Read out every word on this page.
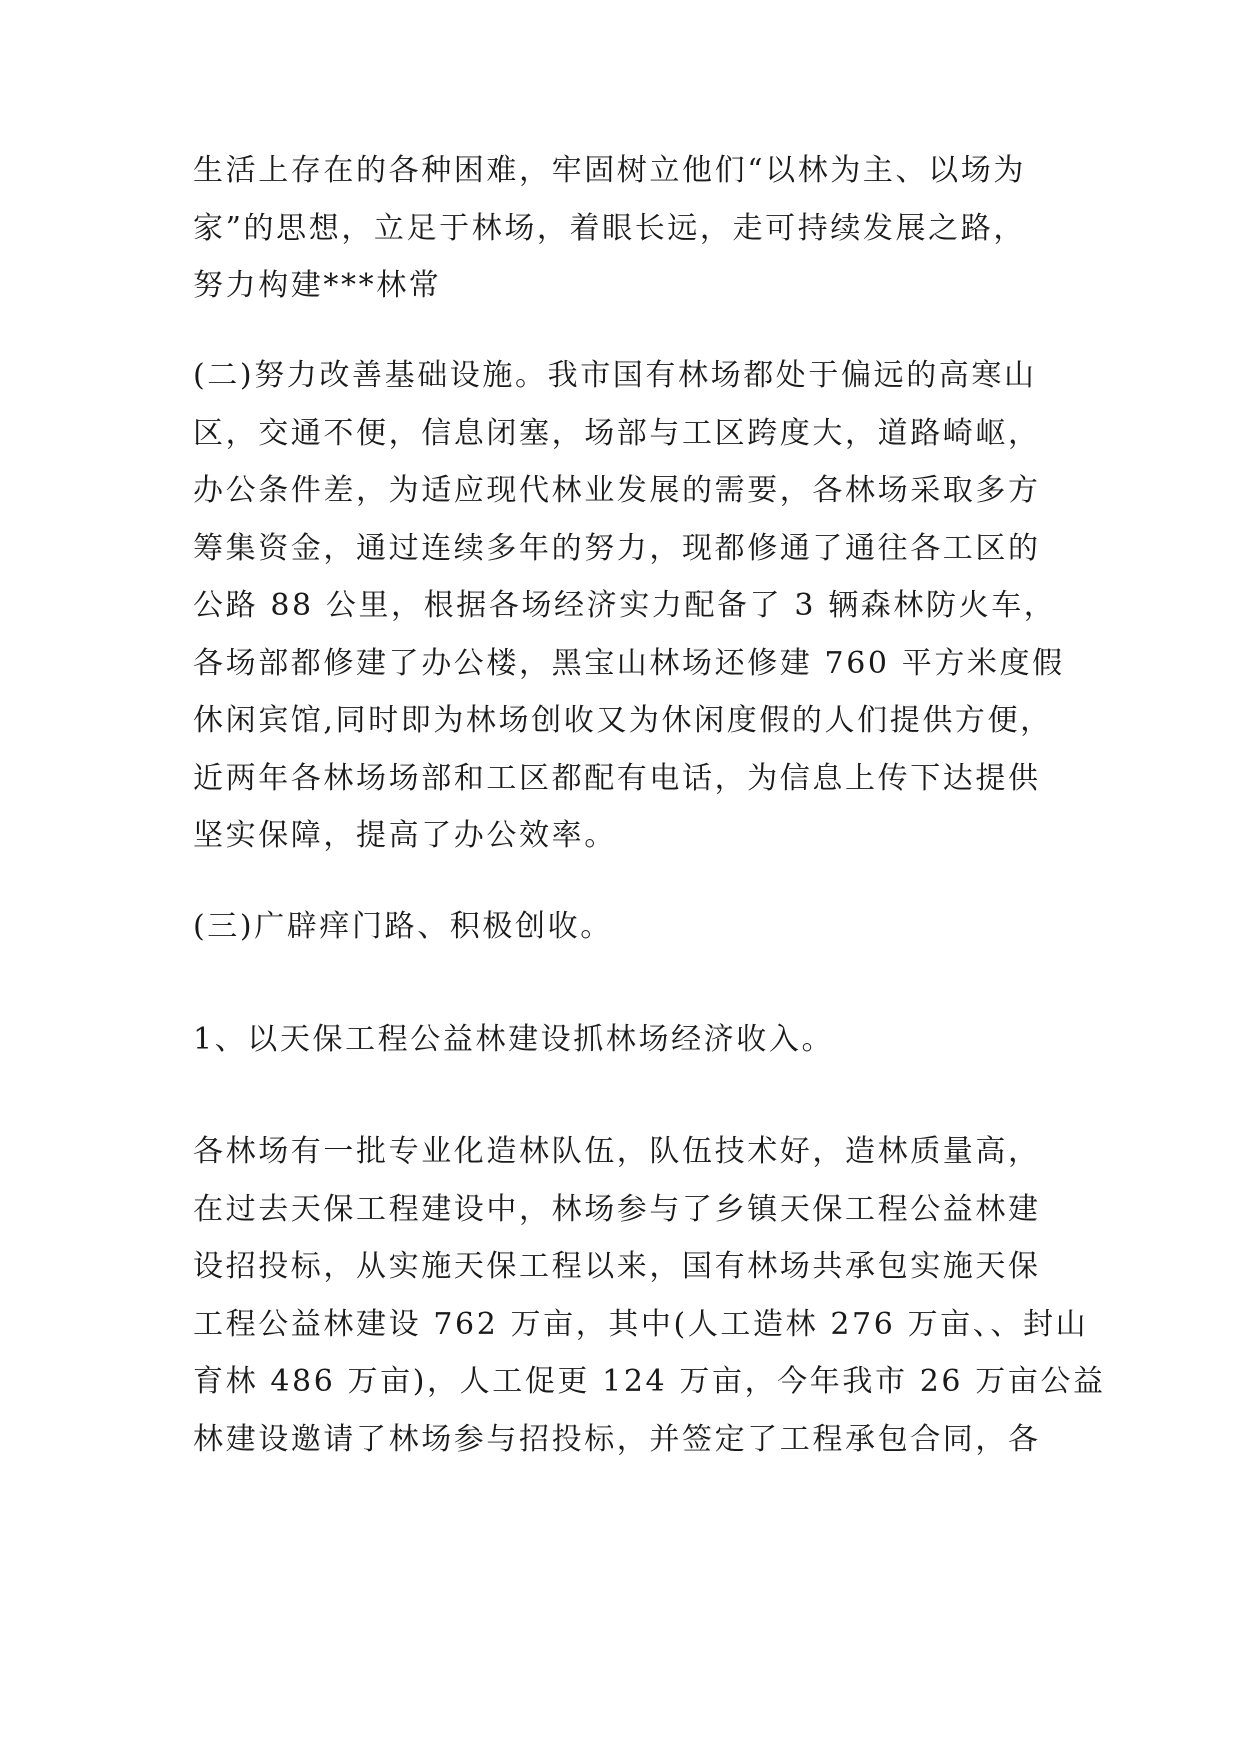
生活上存在的各种困难，牢固树立他们“以林为主、以场为
家”的思想，立足于林场，着眼长远，走可持续发展之路，
努力构建***林常
(二)努力改善基础设施。我市国有林场都处于偏远的高寒山
区，交通不便，信息闭塞，场部与工区跨度大，道路崎岖，
办公条件差，为适应现代林业发展的需要，各林场采取多方
筹集资金，通过连续多年的努力，现都修通了通往各工区的
公路 88 公里，根据各场经济实力配备了 3 辆森林防火车，
各场部都修建了办公楼，黑宝山林场还修建 760 平方米度假
休闲宾馆,同时即为林场创收又为休闲度假的人们提供方便，
近两年各林场场部和工区都配有电话，为信息上传下达提供
坚实保障，提高了办公效率。
(三)广辟痒门路、积极创收。
1、以天保工程公益林建设抓林场经济收入。
各林场有一批专业化造林队伍，队伍技术好，造林质量高，
在过去天保工程建设中，林场参与了乡镇天保工程公益林建
设招投标，从实施天保工程以来，国有林场共承包实施天保
工程公益林建设 762 万亩，其中(人工造林 276 万亩、、封山
育林 486 万亩)，人工促更 124 万亩，今年我市 26 万亩公益
林建设邀请了林场参与招投标，并签定了工程承包合同，各
